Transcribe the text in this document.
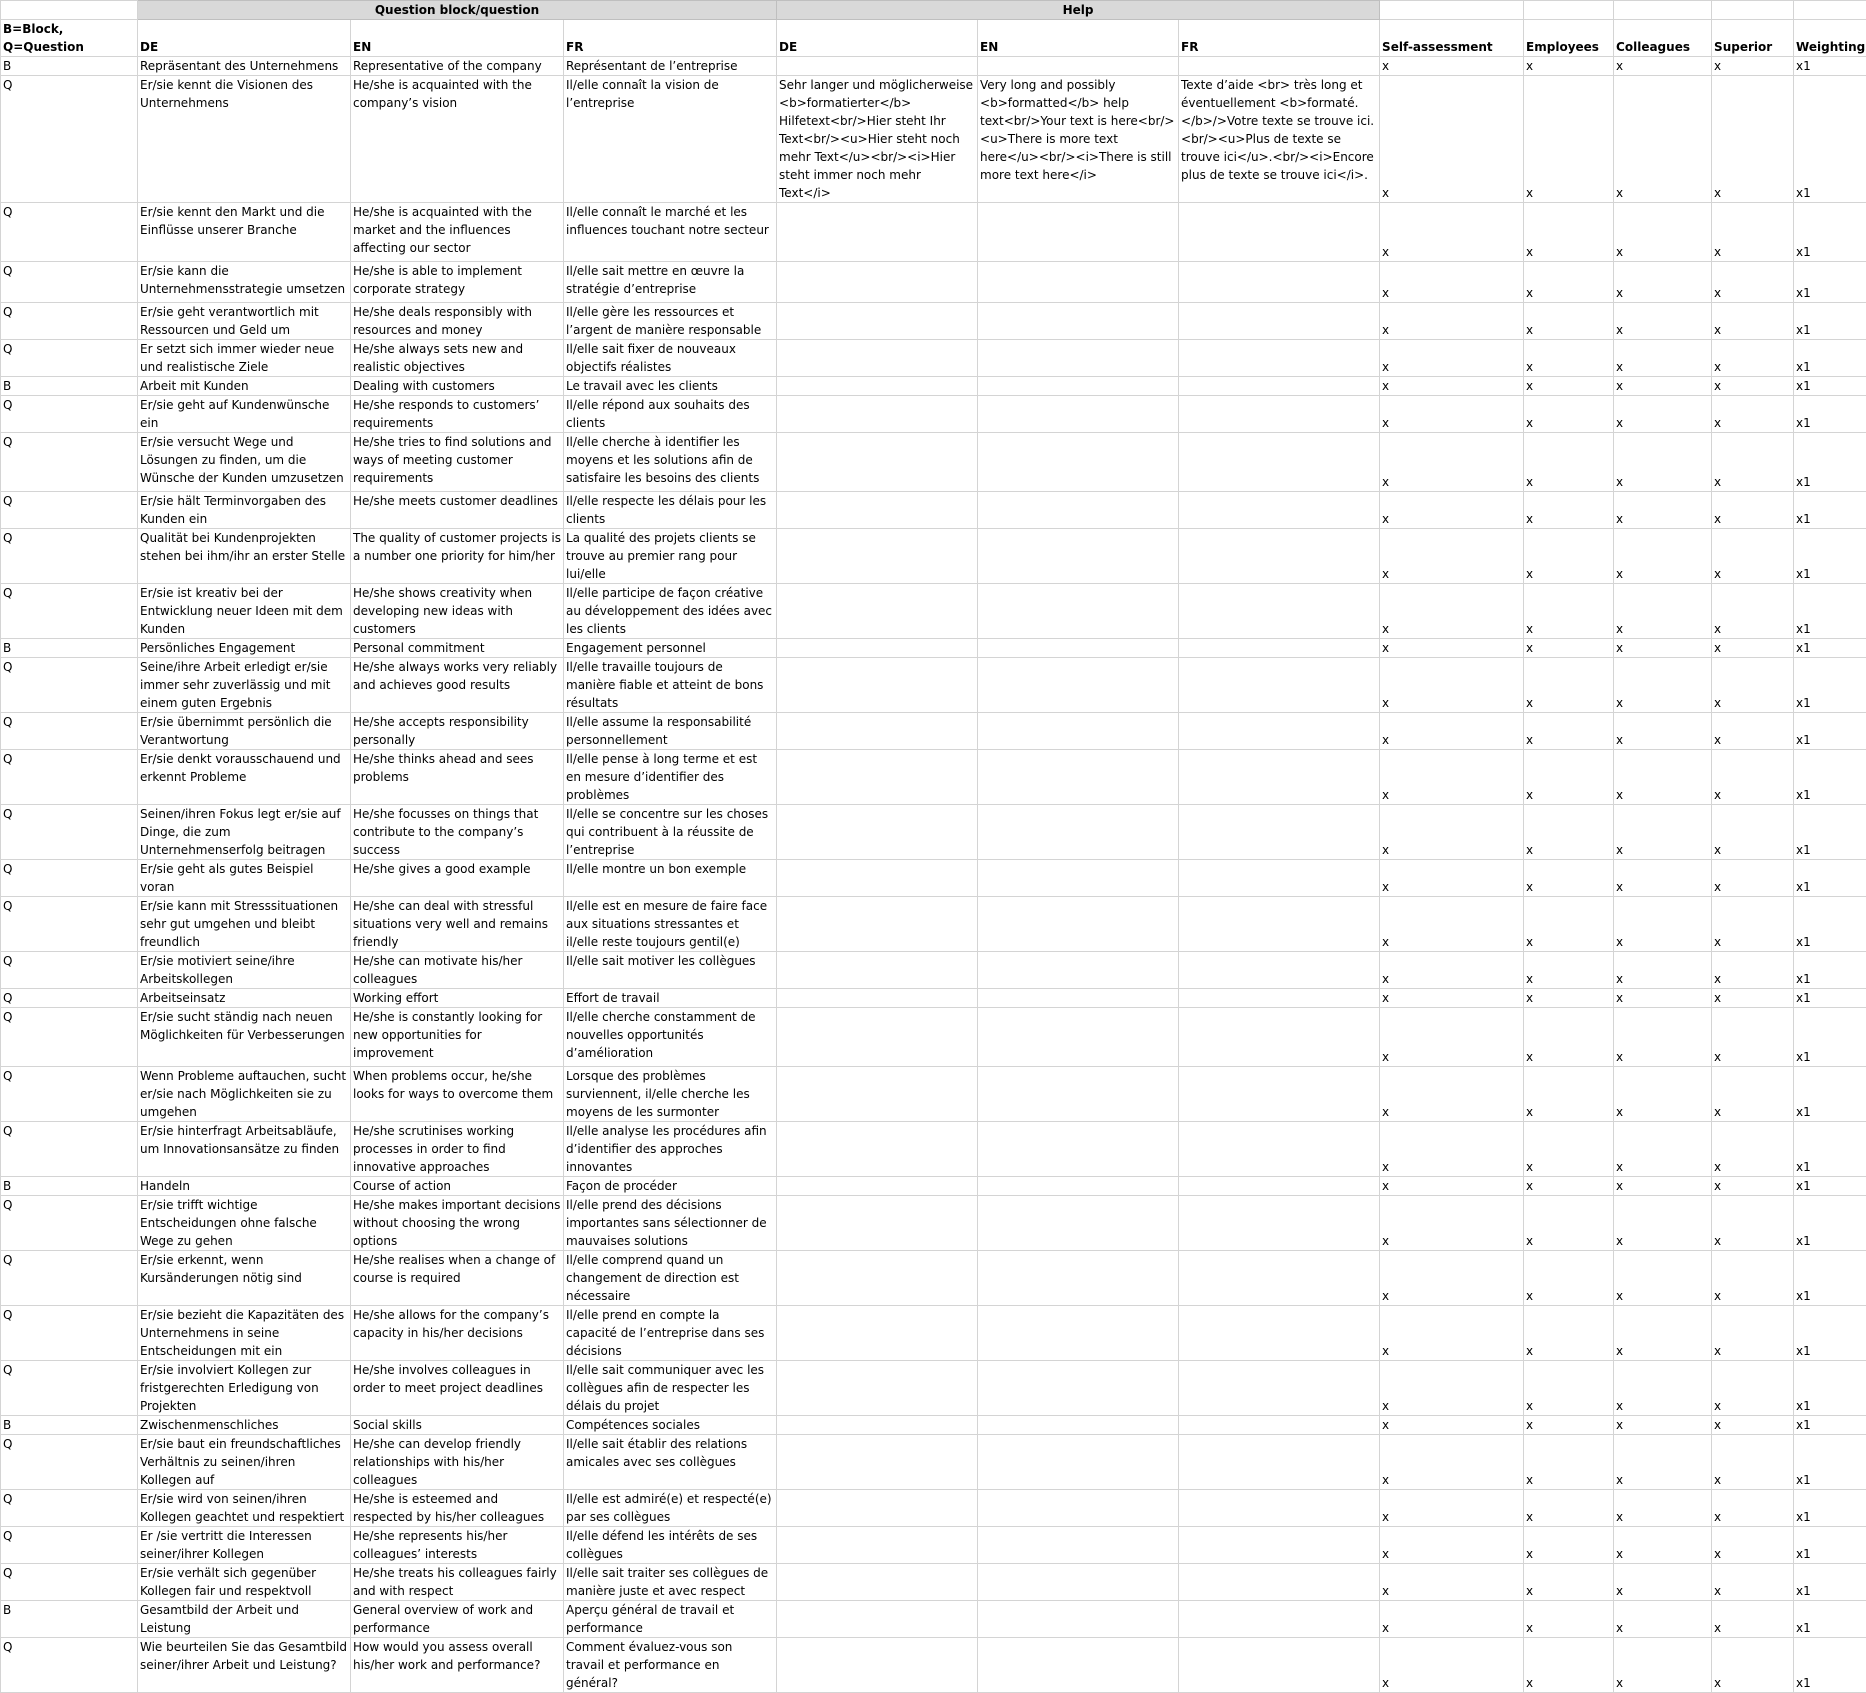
	Question block/question			Help							
B=Block, Q=Question	DE	EN	FR	DE	EN	FR	Self-assessment	Employees	Colleagues	Superior	Weighting
B	Repräsentant des Unternehmens	Representative of the company	Représentant de l’entreprise				x	x	x	x	x1
Q	Er/sie kennt die Visionen des Unternehmens	He/she is acquainted with the company’s vision	Il/elle connaît la vision de l’entreprise	Sehr langer und möglicherweise <b>formatierter</b> Hilfetext<br/>Hier steht Ihr Text<br/><u>Hier steht noch mehr Text</u><br/><i>Hier steht immer noch mehr Text</i>	Very long and possibly <b>formatted</b> help text<br/>Your text is here<br/><u>There is more text here</u><br/><i>There is still more text here</i>	Texte d’aide <br> très long et éventuellement <b>formaté.</b>/>Votre texte se trouve ici.<br/><u>Plus de texte se trouve ici</u>.<br/><i>Encore plus de texte se trouve ici</i>.	x	x	x	x	x1
Q	Er/sie kennt den Markt und die Einflüsse unserer Branche	He/she is acquainted with the market and the influences affecting our sector	Il/elle connaît le marché et les influences touchant notre secteur				x	x	x	x	x1
Q	Er/sie kann die Unternehmensstrategie umsetzen	He/she is able to implement corporate strategy	Il/elle sait mettre en œuvre la stratégie d’entreprise				x	x	x	x	x1
Q	Er/sie geht verantwortlich mit Ressourcen und Geld um	He/she deals responsibly with resources and money	Il/elle gère les ressources et l’argent de manière responsable				x	x	x	x	x1
Q	Er setzt sich immer wieder neue und realistische Ziele	He/she always sets new and realistic objectives	Il/elle sait fixer de nouveaux objectifs réalistes				x	x	x	x	x1
B	Arbeit mit Kunden	Dealing with customers	Le travail avec les clients				x	x	x	x	x1
Q	Er/sie geht auf Kundenwünsche ein	He/she responds to customers’ requirements	Il/elle répond aux souhaits des clients				x	x	x	x	x1
Q	Er/sie versucht Wege und Lösungen zu finden, um die Wünsche der Kunden umzusetzen	He/she tries to find solutions and ways of meeting customer requirements	Il/elle cherche à identifier les moyens et les solutions afin de satisfaire les besoins des clients				x	x	x	x	x1
Q	Er/sie hält Terminvorgaben des Kunden ein	He/she meets customer deadlines	Il/elle respecte les délais pour les clients				x	x	x	x	x1
Q	Qualität bei Kundenprojekten stehen bei ihm/ihr an erster Stelle	The quality of customer projects is a number one priority for him/her	La qualité des projets clients se trouve au premier rang pour lui/elle				x	x	x	x	x1
Q	Er/sie ist kreativ bei der Entwicklung neuer Ideen mit dem Kunden	He/she shows creativity when developing new ideas with customers	Il/elle participe de façon créative au développement des idées avec les clients				x	x	x	x	x1
B	Persönliches Engagement	Personal commitment	Engagement personnel				x	x	x	x	x1
Q	Seine/ihre Arbeit erledigt er/sie immer sehr zuverlässig und mit einem guten Ergebnis	He/she always works very reliably and achieves good results	Il/elle travaille toujours de manière fiable et atteint de bons résultats				x	x	x	x	x1
Q	Er/sie übernimmt persönlich die Verantwortung	He/she accepts responsibility personally	Il/elle assume la responsabilité personnellement				x	x	x	x	x1
Q	Er/sie denkt vorausschauend und erkennt Probleme	He/she thinks ahead and sees problems	Il/elle pense à long terme et est en mesure d’identifier des problèmes				x	x	x	x	x1
Q	Seinen/ihren Fokus legt er/sie auf Dinge, die zum Unternehmenserfolg beitragen	He/she focusses on things that contribute to the company’s success	Il/elle se concentre sur les choses qui contribuent à la réussite de l’entreprise				x	x	x	x	x1
Q	Er/sie geht als gutes Beispiel voran	He/she gives a good example	Il/elle montre un bon exemple				x	x	x	x	x1
Q	Er/sie kann mit Stresssituationen sehr gut umgehen und bleibt freundlich	He/she can deal with stressful situations very well and remains friendly	Il/elle est en mesure de faire face aux situations stressantes et il/elle reste toujours gentil(e)				x	x	x	x	x1
Q	Er/sie motiviert seine/ihre Arbeitskollegen	He/she can motivate his/her colleagues	Il/elle sait motiver les collègues				x	x	x	x	x1
Q	Arbeitseinsatz	Working effort	Effort de travail				x	x	x	x	x1
Q	Er/sie sucht ständig nach neuen Möglichkeiten für Verbesserungen	He/she is constantly looking for new opportunities for improvement	Il/elle cherche constamment de nouvelles opportunités d’amélioration				x	x	x	x	x1
Q	Wenn Probleme auftauchen, sucht er/sie nach Möglichkeiten sie zu umgehen	When problems occur, he/she looks for ways to overcome them	Lorsque des problèmes surviennent, il/elle cherche les moyens de les surmonter				x	x	x	x	x1
Q	Er/sie hinterfragt Arbeitsabläufe, um Innovationsansätze zu finden	He/she scrutinises working processes in order to find innovative approaches	Il/elle analyse les procédures afin d’identifier des approches innovantes				x	x	x	x	x1
B	Handeln	Course of action	Façon de procéder				x	x	x	x	x1
Q	Er/sie trifft wichtige Entscheidungen ohne falsche Wege zu gehen	He/she makes important decisions without choosing the wrong options	Il/elle prend des décisions importantes sans sélectionner de mauvaises solutions				x	x	x	x	x1
Q	Er/sie erkennt, wenn Kursänderungen nötig sind	He/she realises when a change of course is required	Il/elle comprend quand un changement de direction est nécessaire				x	x	x	x	x1
Q	Er/sie bezieht die Kapazitäten des Unternehmens in seine Entscheidungen mit ein	He/she allows for the company’s capacity in his/her decisions	Il/elle prend en compte la capacité de l’entreprise dans ses décisions				x	x	x	x	x1
Q	Er/sie involviert Kollegen zur fristgerechten Erledigung von Projekten	He/she involves colleagues in order to meet project deadlines	Il/elle sait communiquer avec les collègues afin de respecter les délais du projet				x	x	x	x	x1
B	Zwischenmenschliches	Social skills	Compétences sociales				x	x	x	x	x1
Q	Er/sie baut ein freundschaftliches Verhältnis zu seinen/ihren Kollegen auf	He/she can develop friendly relationships with his/her colleagues	Il/elle sait établir des relations amicales avec ses collègues				x	x	x	x	x1
Q	Er/sie wird von seinen/ihren Kollegen geachtet und respektiert	He/she is esteemed and respected by his/her colleagues	Il/elle est admiré(e) et respecté(e) par ses collègues				x	x	x	x	x1
Q	Er /sie vertritt die Interessen seiner/ihrer Kollegen	He/she represents his/her colleagues’ interests	Il/elle défend les intérêts de ses collègues				x	x	x	x	x1
Q	Er/sie verhält sich gegenüber Kollegen fair und respektvoll	He/she treats his colleagues fairly and with respect	Il/elle sait traiter ses collègues de manière juste et avec respect				x	x	x	x	x1
B	Gesamtbild der Arbeit und Leistung	General overview of work and performance	Aperçu général de travail et performance				x	x	x	x	x1
Q	Wie beurteilen Sie das Gesamtbild seiner/ihrer Arbeit und Leistung?	How would you assess overall his/her work and performance?	Comment évaluez-vous son travail et performance en général?				x	x	x	x	x1
